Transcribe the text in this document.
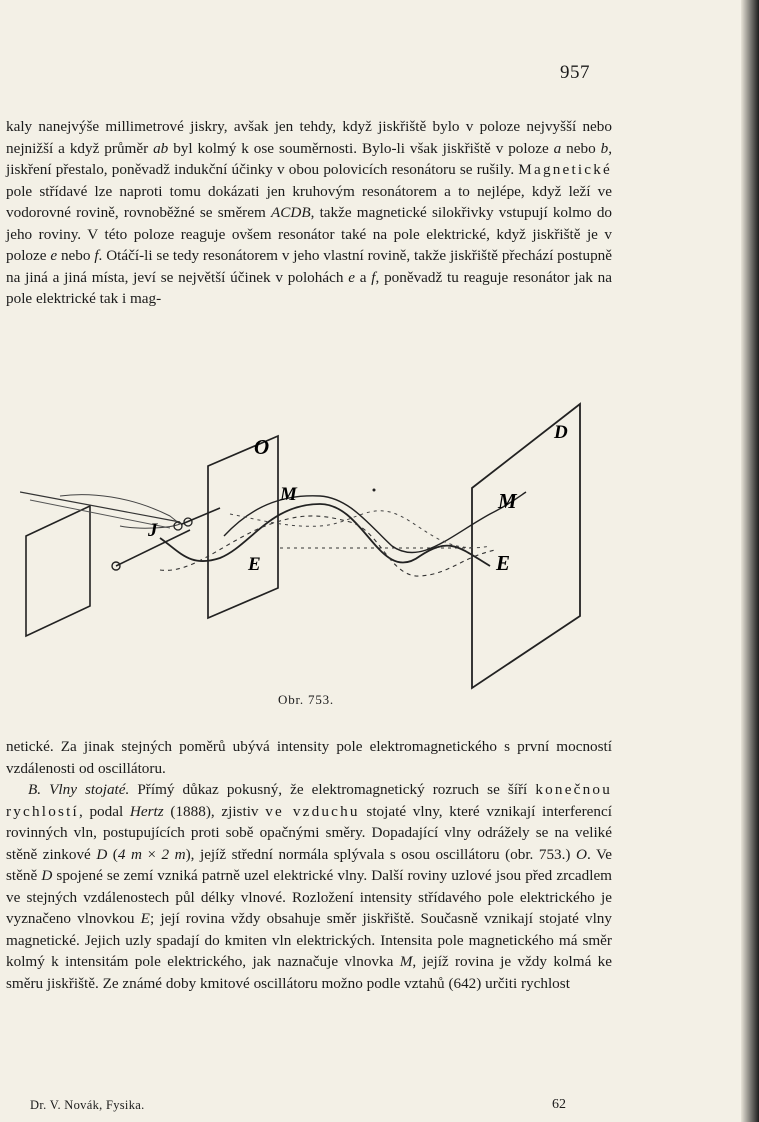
957

kaly nanejvýše millimetrové jiskry, avšak jen tehdy, když jiskřiště bylo v poloze nejvyšší nebo nejnižší a když průměr ab byl kolmý k ose souměrnosti. Bylo-li však jiskřiště v poloze a nebo b, jiskření přestalo, poněvadž indukční účinky v obou polovicích resonátoru se rušily. Magnetické pole střídavé lze naproti tomu dokázati jen kruhovým resonátorem a to nejlépe, když leží ve vodorovné rovině, rovnoběžné se směrem ACDB, takže magnetické silokřivky vstupují kolmo do jeho roviny. V této poloze reaguje ovšem resonátor také na pole elektrické, když jiskřiště je v poloze e nebo f. Otáčí-li se tedy resonátorem v jeho vlastní rovině, takže jiskřiště přechází postupně na jiná a jiná místa, jeví se největší účinek v polohách e a f, poněvadž tu reaguje resonátor jak na pole elektrické tak i mag-

O
D
M	M
J
E	E
Obr. 753.

netické. Za jinak stejných poměrů ubývá intensity pole elektromagnetického s první mocností vzdálenosti od oscillátoru.

B. Vlny stojaté. Přímý důkaz pokusný, že elektromagnetický rozruch se šíří konečnou rychlostí, podal Hertz (1888), zjistiv ve vzduchu stojaté vlny, které vznikají interferencí rovinných vln, postupujících proti sobě opačnými směry. Dopadající vlny odrážely se na veliké stěně zinkové D (4 m × 2 m), jejíž střední normála splývala s osou oscillátoru (obr. 753.) O. Ve stěně D spojené se zemí vzniká patrně uzel elektrické vlny. Další roviny uzlové jsou před zrcadlem ve stejných vzdálenostech půl délky vlnové. Rozložení intensity střídavého pole elektrického je vyznačeno vlnovkou E; její rovina vždy obsahuje směr jiskřiště. Současně vznikají stojaté vlny magnetické. Jejich uzly spadají do kmiten vln elektrických. Intensita pole magnetického má směr kolmý k intensitám pole elektrického, jak naznačuje vlnovka M, jejíž rovina je vždy kolmá ke směru jiskřiště. Ze známé doby kmitové oscillátoru možno podle vztahů (642) určiti rychlost

Dr. V. Novák, Fysika.	62
